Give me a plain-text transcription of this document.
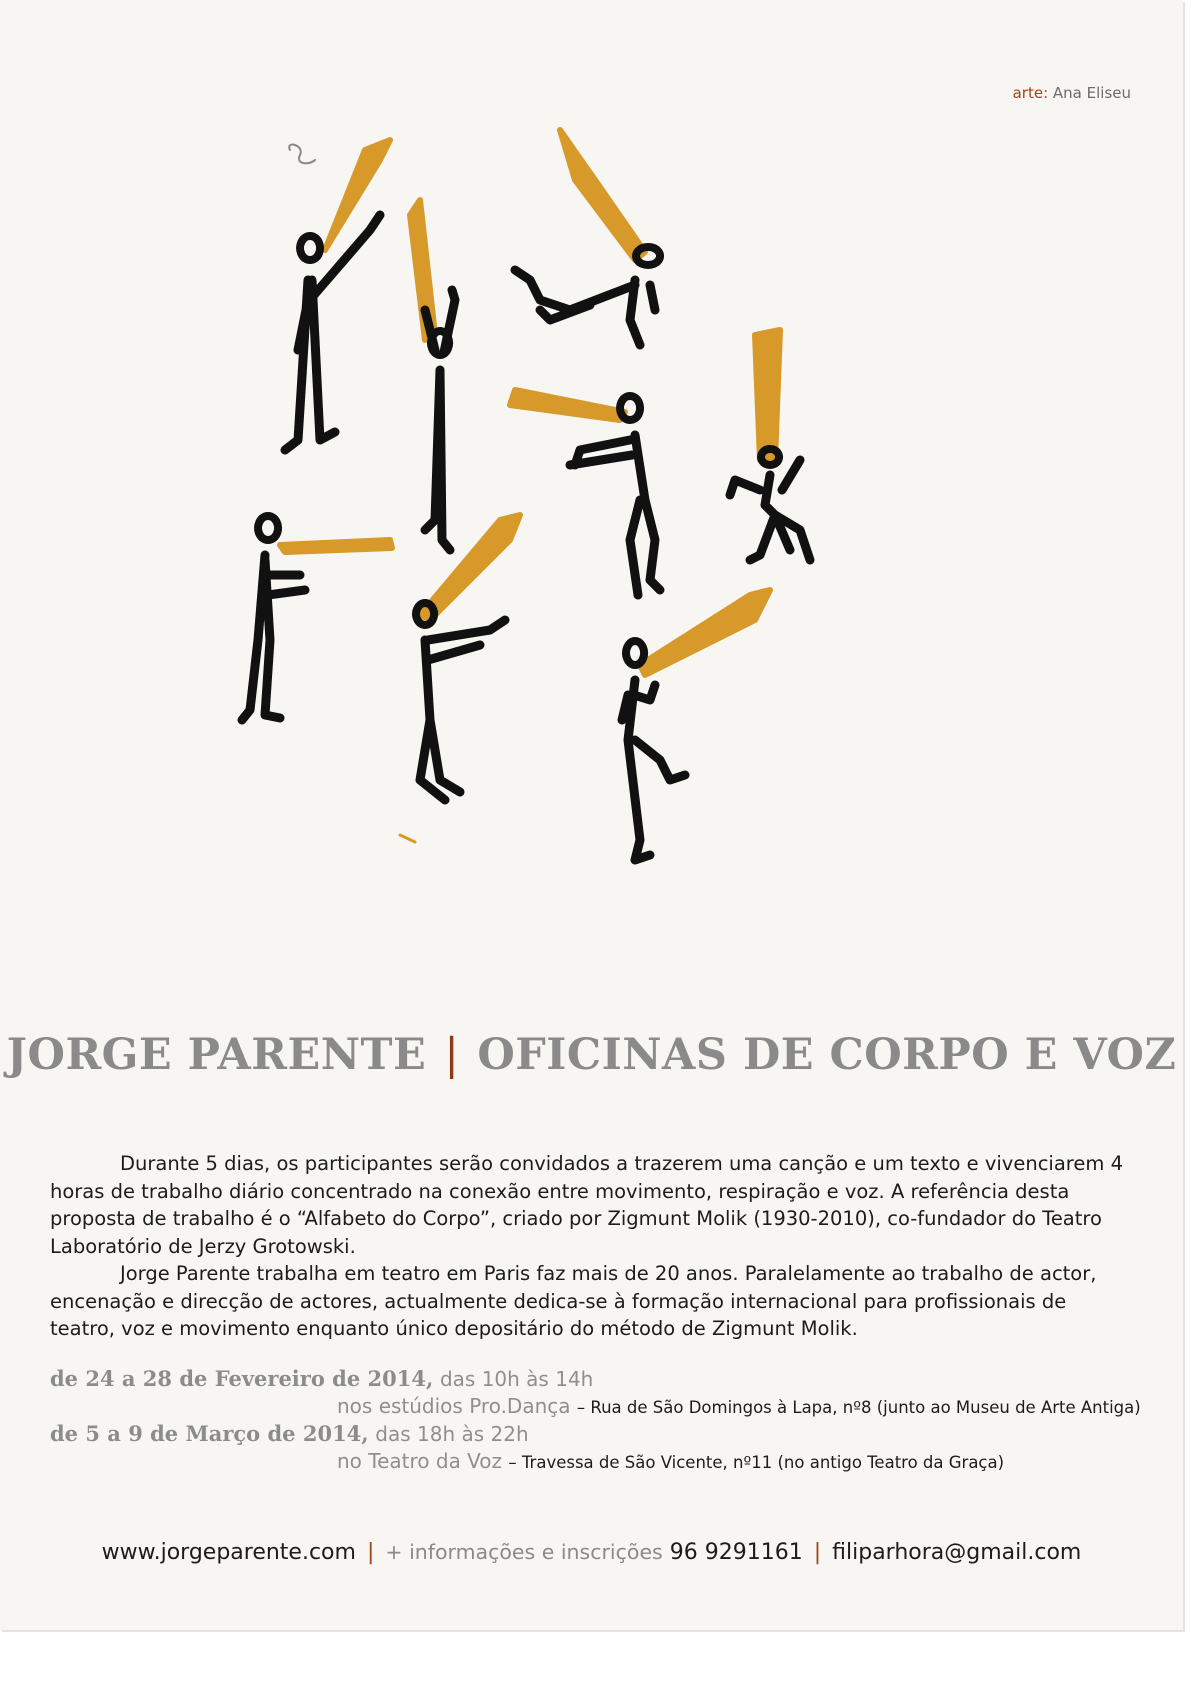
arte: Ana Eliseu
JORGE PARENTE | OFICINAS DE CORPO E VOZ

Durante 5 dias, os participantes serão convidados a trazerem uma canção e um texto e vivenciarem 4 horas de trabalho diário concentrado na conexão entre movimento, respiração e voz. A referência desta proposta de trabalho é o “Alfabeto do Corpo”, criado por Zigmunt Molik (1930-2010), co-fundador do Teatro Laboratório de Jerzy Grotowski.

Jorge Parente trabalha em teatro em Paris faz mais de 20 anos. Paralelamente ao trabalho de actor, encenação e direcção de actores, actualmente dedica-se à formação internacional para profissionais de teatro, voz e movimento enquanto único depositário do método de Zigmunt Molik.

de 24 a 28 de Fevereiro de 2014, das 10h às 14h
nos estúdios Pro.Dança – Rua de São Domingos à Lapa, nº8 (junto ao Museu de Arte Antiga)
de 5 a 9 de Março de 2014, das 18h às 22h
no Teatro da Voz – Travessa de São Vicente, nº11 (no antigo Teatro da Graça)
www.jorgeparente.com | + informações e inscrições 96 9291161 | filiparhora@gmail.com
